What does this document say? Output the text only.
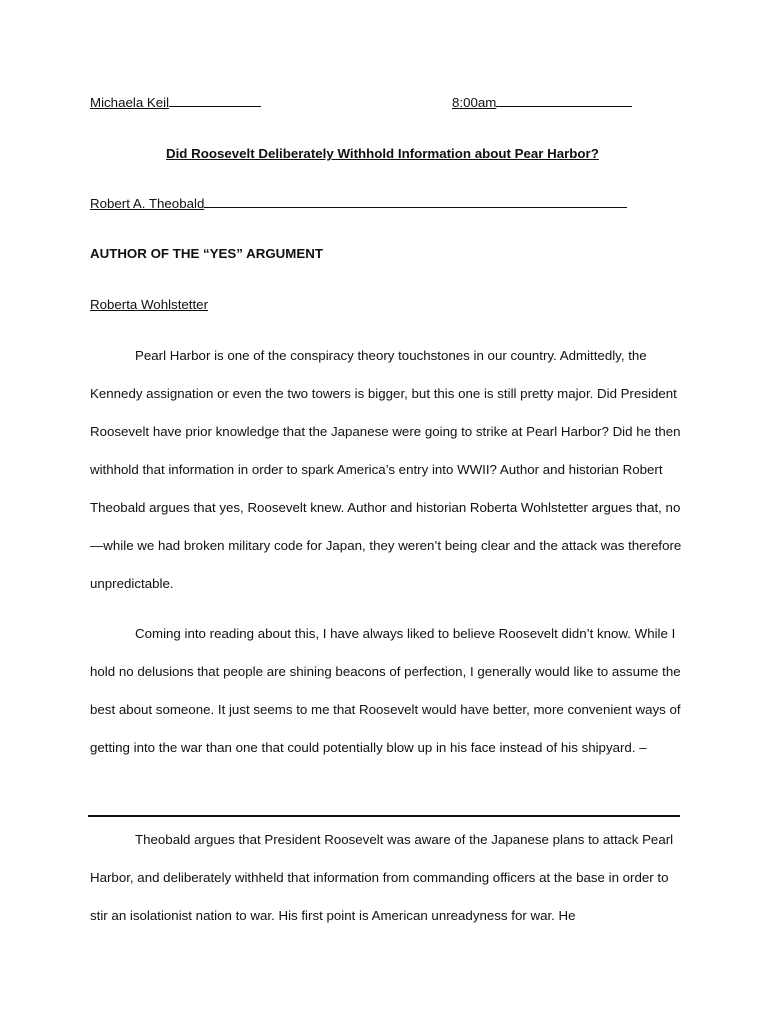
Michaela Keil	8:00am
Did Roosevelt Deliberately Withhold Information about Pear Harbor?
Robert A. Theobald
AUTHOR OF THE “YES” ARGUMENT
Roberta Wohlstetter
Pearl Harbor is one of the conspiracy theory touchstones in our country. Admittedly, the Kennedy assignation or even the two towers is bigger, but this one is still pretty major. Did President Roosevelt have prior knowledge that the Japanese were going to strike at Pearl Harbor? Did he then withhold that information in order to spark America’s entry into WWII? Author and historian Robert Theobald argues that yes, Roosevelt knew. Author and historian Roberta Wohlstetter argues that, no—while we had broken military code for Japan, they weren’t being clear and the attack was therefore unpredictable.
Coming into reading about this, I have always liked to believe Roosevelt didn’t know. While I hold no delusions that people are shining beacons of perfection, I generally would like to assume the best about someone. It just seems to me that Roosevelt would have better, more convenient ways of getting into the war than one that could potentially blow up in his face instead of his shipyard. –
Theobald argues that President Roosevelt was aware of the Japanese plans to attack Pearl Harbor, and deliberately withheld that information from commanding officers at the base in order to stir an isolationist nation to war. His first point is American unreadyness for war. He
